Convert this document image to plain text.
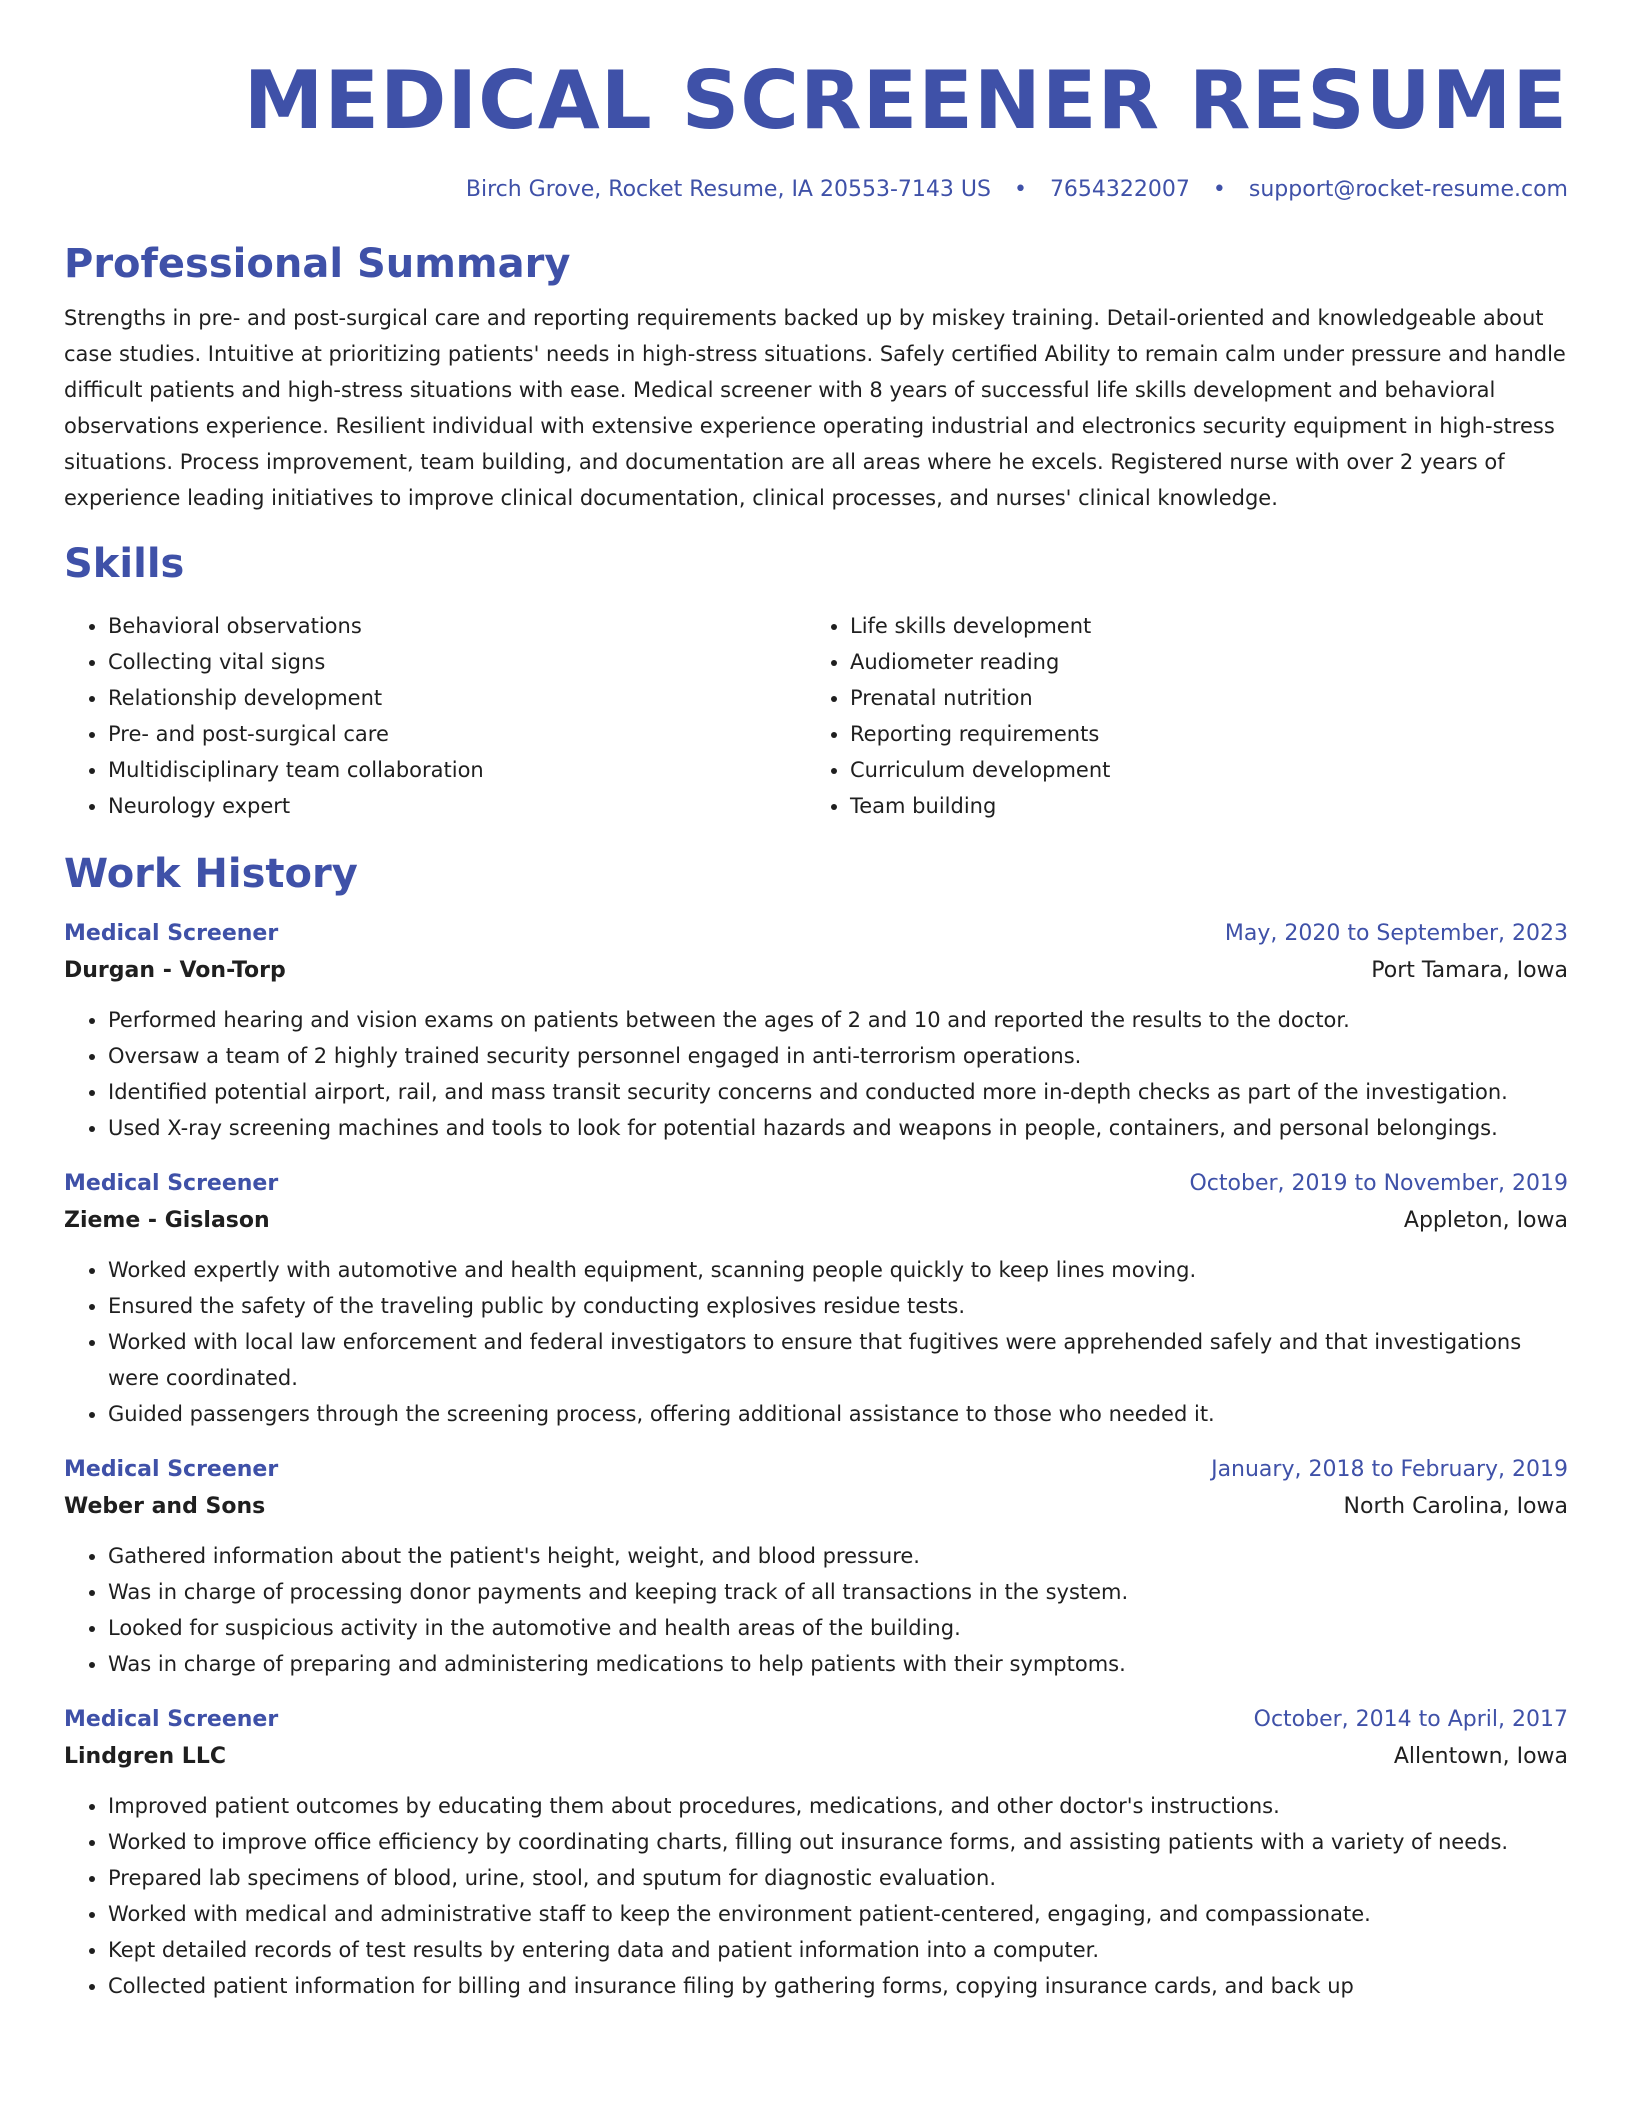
MEDICAL SCREENER RESUME
Birch Grove, Rocket Resume, IA 20553-7143 US • 7654322007 • support@rocket-resume.com
Professional Summary

Strengths in pre- and post-surgical care and reporting requirements backed up by miskey training. Detail-oriented and knowledgeable about case studies. Intuitive at prioritizing patients' needs in high-stress situations. Safely certified Ability to remain calm under pressure and handle difficult patients and high-stress situations with ease. Medical screener with 8 years of successful life skills development and behavioral observations experience. Resilient individual with extensive experience operating industrial and electronics security equipment in high-stress situations. Process improvement, team building, and documentation are all areas where he excels. Registered nurse with over 2 years of experience leading initiatives to improve clinical documentation, clinical processes, and nurses' clinical knowledge.

Skills
• Behavioral observations
• Collecting vital signs
• Relationship development
• Pre- and post-surgical care
• Multidisciplinary team collaboration
• Neurology expert
• Life skills development
• Audiometer reading
• Prenatal nutrition
• Reporting requirements
• Curriculum development
• Team building
Work History
Medical Screener	May, 2020 to September, 2023
Durgan - Von-Torp	Port Tamara, Iowa
• Performed hearing and vision exams on patients between the ages of 2 and 10 and reported the results to the doctor.
• Oversaw a team of 2 highly trained security personnel engaged in anti-terrorism operations.
• Identified potential airport, rail, and mass transit security concerns and conducted more in-depth checks as part of the investigation.
• Used X-ray screening machines and tools to look for potential hazards and weapons in people, containers, and personal belongings.
Medical Screener	October, 2019 to November, 2019
Zieme - Gislason	Appleton, Iowa
• Worked expertly with automotive and health equipment, scanning people quickly to keep lines moving.
• Ensured the safety of the traveling public by conducting explosives residue tests.
• Worked with local law enforcement and federal investigators to ensure that fugitives were apprehended safely and that investigations were coordinated.
• Guided passengers through the screening process, offering additional assistance to those who needed it.
Medical Screener	January, 2018 to February, 2019
Weber and Sons	North Carolina, Iowa
• Gathered information about the patient's height, weight, and blood pressure.
• Was in charge of processing donor payments and keeping track of all transactions in the system.
• Looked for suspicious activity in the automotive and health areas of the building.
• Was in charge of preparing and administering medications to help patients with their symptoms.
Medical Screener	October, 2014 to April, 2017
Lindgren LLC	Allentown, Iowa
• Improved patient outcomes by educating them about procedures, medications, and other doctor's instructions.
• Worked to improve office efficiency by coordinating charts, filling out insurance forms, and assisting patients with a variety of needs.
• Prepared lab specimens of blood, urine, stool, and sputum for diagnostic evaluation.
• Worked with medical and administrative staff to keep the environment patient-centered, engaging, and compassionate.
• Kept detailed records of test results by entering data and patient information into a computer.
• Collected patient information for billing and insurance filing by gathering forms, copying insurance cards, and back up
